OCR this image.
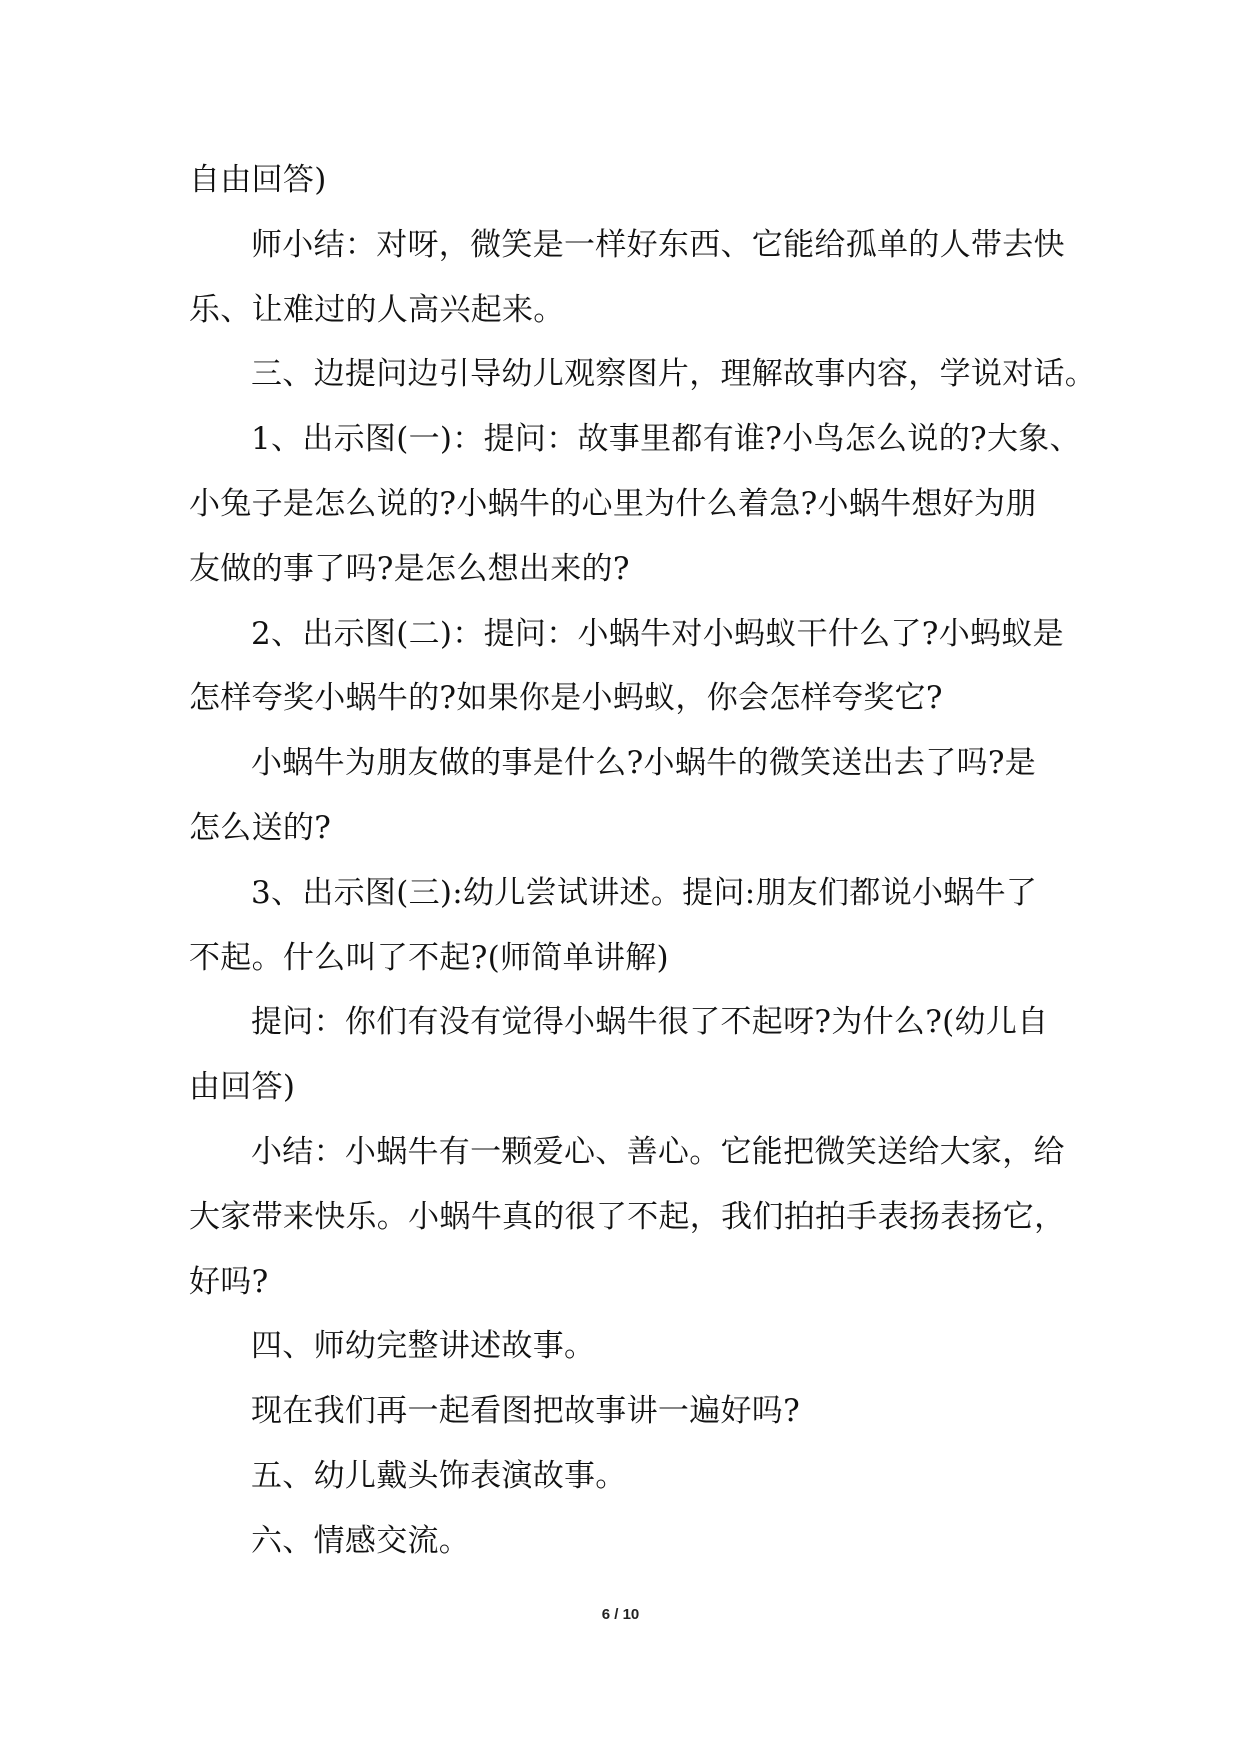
自由回答)

师小结：对呀，微笑是一样好东西、它能给孤单的人带去快

乐、让难过的人高兴起来。

三、边提问边引导幼儿观察图片，理解故事内容，学说对话。

1、出示图(一)：提问：故事里都有谁?小鸟怎么说的?大象、

小兔子是怎么说的?小蜗牛的心里为什么着急?小蜗牛想好为朋

友做的事了吗?是怎么想出来的?

2、出示图(二)：提问：小蜗牛对小蚂蚁干什么了?小蚂蚁是

怎样夸奖小蜗牛的?如果你是小蚂蚁，你会怎样夸奖它?

小蜗牛为朋友做的事是什么?小蜗牛的微笑送出去了吗?是

怎么送的?

3、出示图(三):幼儿尝试讲述。提问:朋友们都说小蜗牛了

不起。什么叫了不起?(师简单讲解)

提问：你们有没有觉得小蜗牛很了不起呀?为什么?(幼儿自

由回答)

小结：小蜗牛有一颗爱心、善心。它能把微笑送给大家，给

大家带来快乐。小蜗牛真的很了不起，我们拍拍手表扬表扬它，

好吗?

四、师幼完整讲述故事。

现在我们再一起看图把故事讲一遍好吗?

五、幼儿戴头饰表演故事。

六、情感交流。

6 / 10
